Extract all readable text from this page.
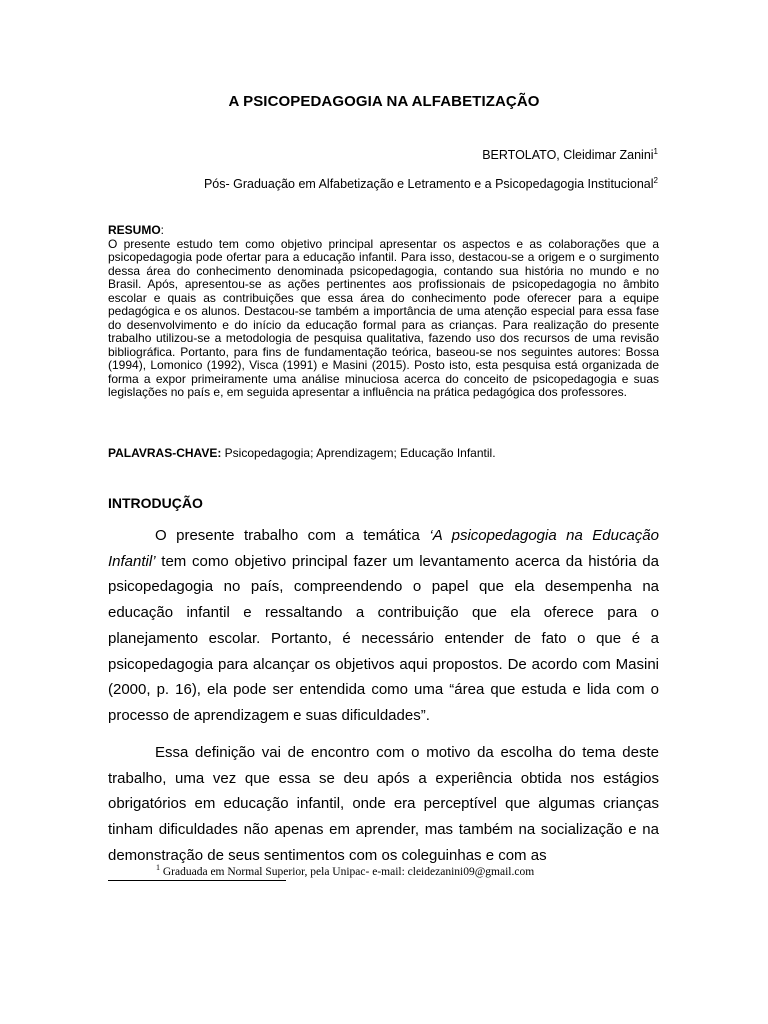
A PSICOPEDAGOGIA NA ALFABETIZAÇÃO
BERTOLATO, Cleidimar Zanini$^1$
Pós- Graduação em Alfabetização e Letramento e a Psicopedagogia Institucional$^2$
RESUMO:
O presente estudo tem como objetivo principal apresentar os aspectos e as colaborações que a psicopedagogia pode ofertar para a educação infantil. Para isso, destacou-se a origem e o surgimento dessa área do conhecimento denominada psicopedagogia, contando sua história no mundo e no Brasil. Após, apresentou-se as ações pertinentes aos profissionais de psicopedagogia no âmbito escolar e quais as contribuições que essa área do conhecimento pode oferecer para a equipe pedagógica e os alunos. Destacou-se também a importância de uma atenção especial para essa fase do desenvolvimento e do início da educação formal para as crianças. Para realização do presente trabalho utilizou-se a metodologia de pesquisa qualitativa, fazendo uso dos recursos de uma revisão bibliográfica. Portanto, para fins de fundamentação teórica, baseou-se nos seguintes autores: Bossa (1994), Lomonico (1992), Visca (1991) e Masini (2015). Posto isto, esta pesquisa está organizada de forma a expor primeiramente uma análise minuciosa acerca do conceito de psicopedagogia e suas legislações no país e, em seguida apresentar a influência na prática pedagógica dos professores.
PALAVRAS-CHAVE: Psicopedagogia; Aprendizagem; Educação Infantil.
INTRODUÇÃO

O presente trabalho com a temática ‘A psicopedagogia na Educação Infantil’ tem como objetivo principal fazer um levantamento acerca da história da psicopedagogia no país, compreendendo o papel que ela desempenha na educação infantil e ressaltando a contribuição que ela oferece para o planejamento escolar. Portanto, é necessário entender de fato o que é a psicopedagogia para alcançar os objetivos aqui propostos. De acordo com Masini (2000, p. 16), ela pode ser entendida como uma “área que estuda e lida com o processo de aprendizagem e suas dificuldades”.

Essa definição vai de encontro com o motivo da escolha do tema deste trabalho, uma vez que essa se deu após a experiência obtida nos estágios obrigatórios em educação infantil, onde era perceptível que algumas crianças tinham dificuldades não apenas em aprender, mas também na socialização e na demonstração de seus sentimentos com os coleguinhas e com as

$^1$ Graduada em Normal Superior, pela Unipac- e-mail: cleidezanini09@gmail.com
